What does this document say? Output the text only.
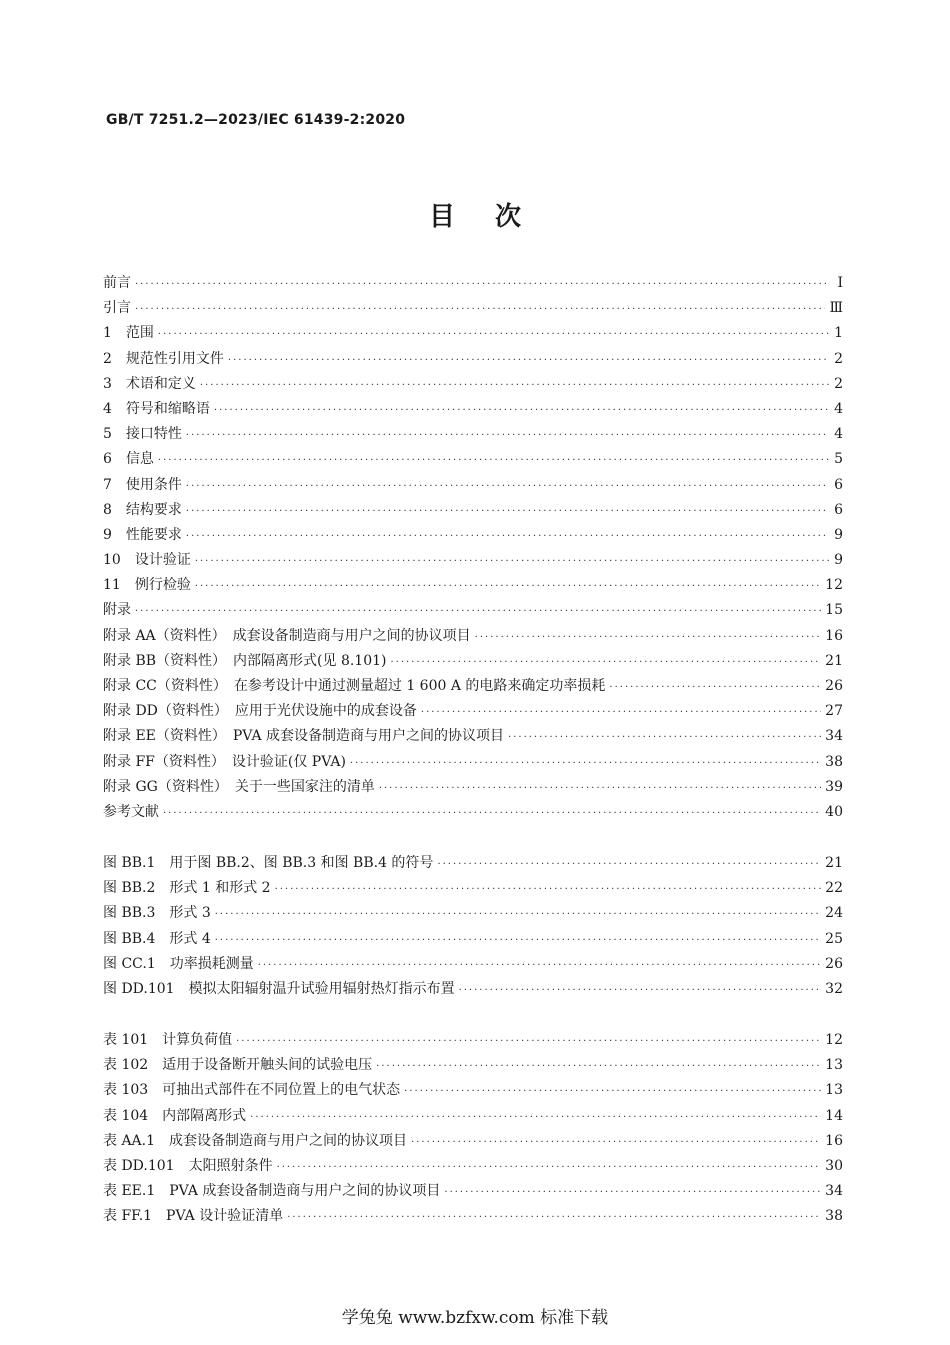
GB/T 7251.2—2023/IEC 61439-2:2020
目次
前言 ·····	Ⅰ
引言 ·····	Ⅲ
1　范围 ·····	1
2　规范性引用文件 ·····	2
3　术语和定义 ·····	2
4　符号和缩略语 ·····	4
5　接口特性 ·····	4
6　信息 ·····	5
7　使用条件 ·····	6
8　结构要求 ·····	6
9　性能要求 ·····	9
10　设计验证 ·····	9
11　例行检验 ·····	12
附录 ·····	15
附录 AA（资料性）　成套设备制造商与用户之间的协议项目 ·····	16
附录 BB（资料性）　内部隔离形式(见 8.101) ·····	21
附录 CC（资料性）　在参考设计中通过测量超过 1 600 A 的电路来确定功率损耗 ·····	26
附录 DD（资料性）　应用于光伏设施中的成套设备 ·····	27
附录 EE（资料性）　PVA 成套设备制造商与用户之间的协议项目 ·····	34
附录 FF（资料性）　设计验证(仅 PVA) ·····	38
附录 GG（资料性）　关于一些国家注的清单 ·····	39
参考文献 ·····	40
图 BB.1　用于图 BB.2、图 BB.3 和图 BB.4 的符号 ·····	21
图 BB.2　形式 1 和形式 2 ·····	22
图 BB.3　形式 3 ·····	24
图 BB.4　形式 4 ·····	25
图 CC.1　功率损耗测量 ·····	26
图 DD.101　模拟太阳辐射温升试验用辐射热灯指示布置 ·····	32
表 101　计算负荷值 ·····	12
表 102　适用于设备断开触头间的试验电压 ·····	13
表 103　可抽出式部件在不同位置上的电气状态 ·····	13
表 104　内部隔离形式 ·····	14
表 AA.1　成套设备制造商与用户之间的协议项目 ·····	16
表 DD.101　太阳照射条件 ·····	30
表 EE.1　PVA 成套设备制造商与用户之间的协议项目 ·····	34
表 FF.1　PVA 设计验证清单 ·····	38
学兔兔 www.bzfxw.com 标准下载
